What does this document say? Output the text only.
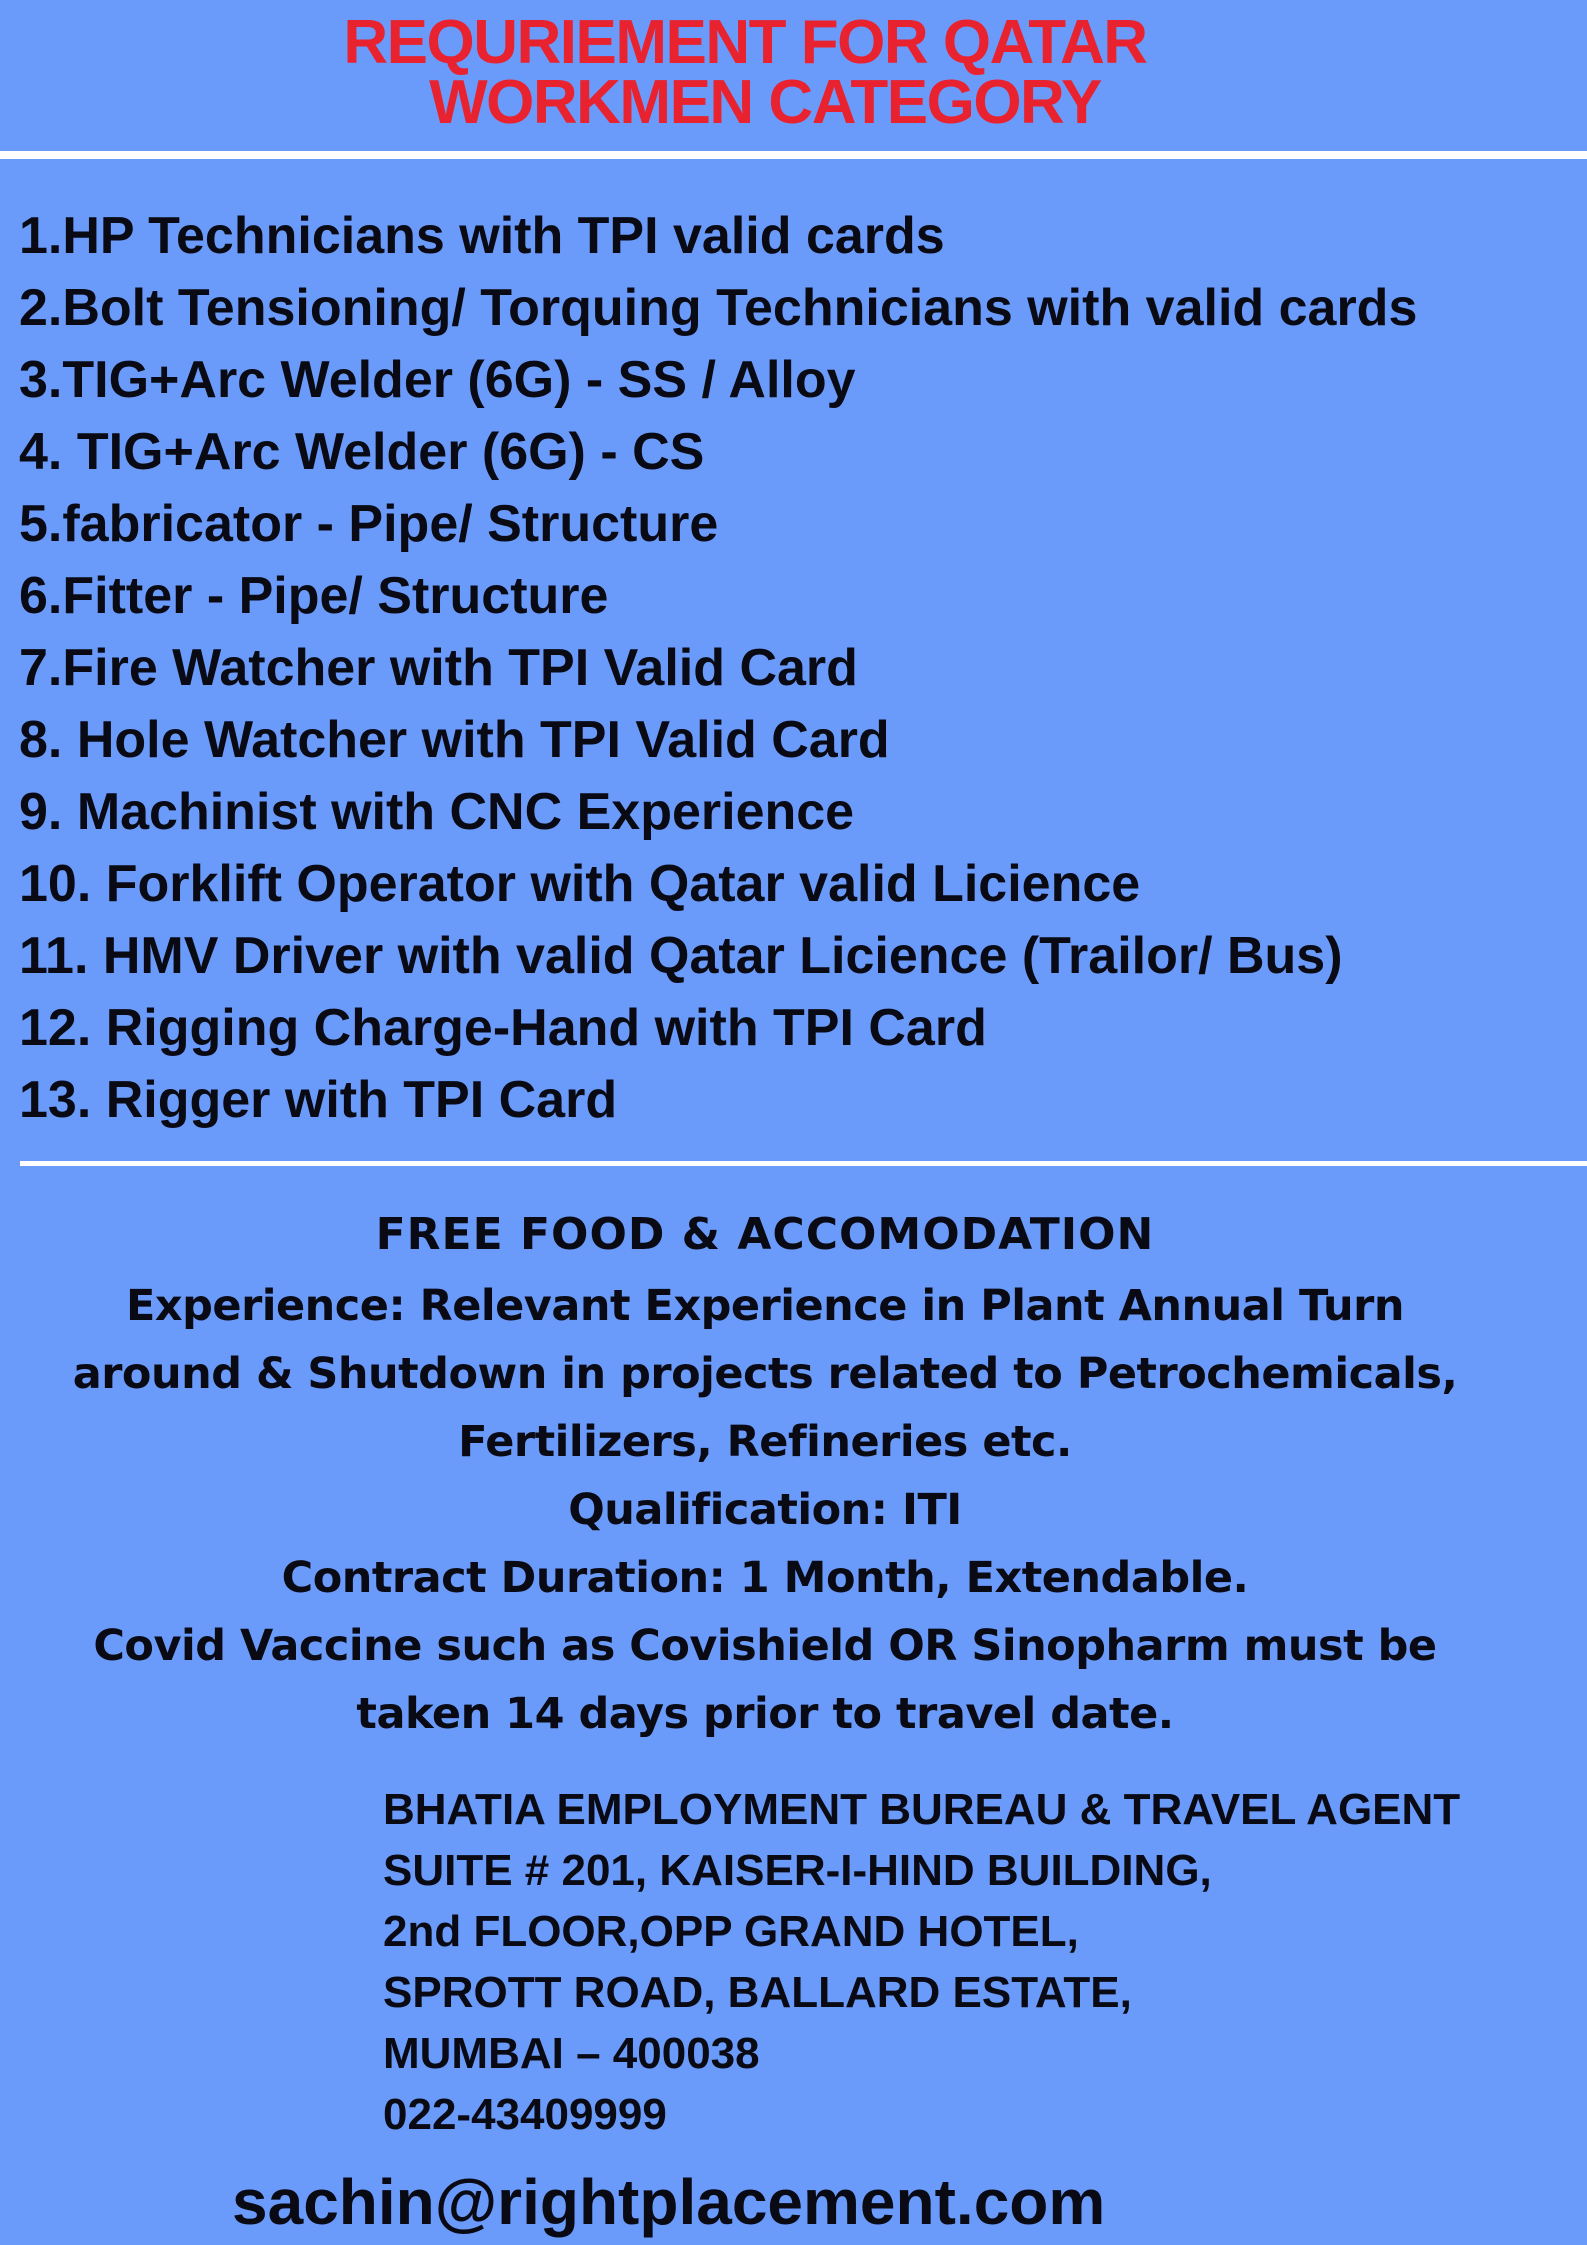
REQURIEMENT FOR QATAR
WORKMEN CATEGORY
1.HP Technicians with TPI valid cards
2.Bolt Tensioning/ Torquing Technicians with valid cards
3.TIG+Arc Welder (6G) - SS / Alloy
4. TIG+Arc Welder (6G) - CS
5.fabricator - Pipe/ Structure
6.Fitter - Pipe/ Structure
7.Fire Watcher with TPI Valid Card
8. Hole Watcher with TPI Valid Card
9. Machinist with CNC Experience
10. Forklift Operator with Qatar valid Licience
11. HMV Driver with valid Qatar Licience (Trailor/ Bus)
12. Rigging Charge-Hand with TPI Card
13. Rigger with TPI Card
FREE FOOD & ACCOMODATION
Experience: Relevant Experience in Plant Annual Turn
around & Shutdown in projects related to Petrochemicals,
Fertilizers, Refineries etc.
Qualification: ITI
Contract Duration: 1 Month, Extendable.
Covid Vaccine such as Covishield OR Sinopharm must be
taken 14 days prior to travel date.
BHATIA EMPLOYMENT BUREAU & TRAVEL AGENT
SUITE # 201, KAISER-I-HIND BUILDING,
2nd FLOOR,OPP GRAND HOTEL,
SPROTT ROAD, BALLARD ESTATE,
MUMBAI – 400038
022-43409999
sachin@rightplacement.com
